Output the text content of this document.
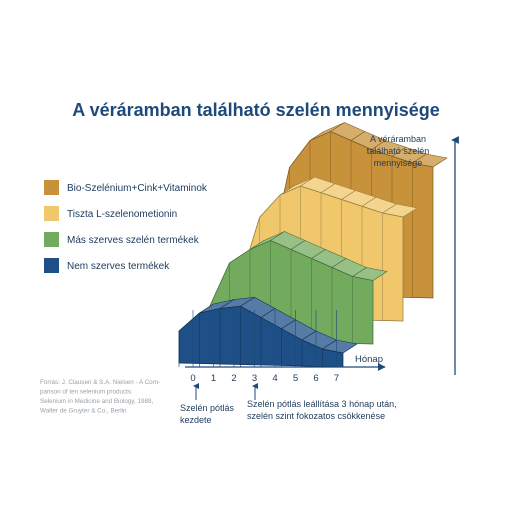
A véráramban található szelén mennyisége
Bio-Szelénium+Cink+Vitaminok
Tiszta L-szelenometionin
Más szerves szelén termékek
Nem szerves termékek
0 1 2 3 4 5 6 7
Hónap
A véráramban
található szelén
mennyisége
Szelén pótlás
kezdete
Szelén pótlás leállítása 3 hónap után,
szelén szint fokozatos csökkenése
Forrás: J. Clausen & S.A. Nielsen - A Com-
parison of ten selenium products.
Selenium in Medicine and Biology, 1988,
Walter de Gruyter & Co., Berlin
